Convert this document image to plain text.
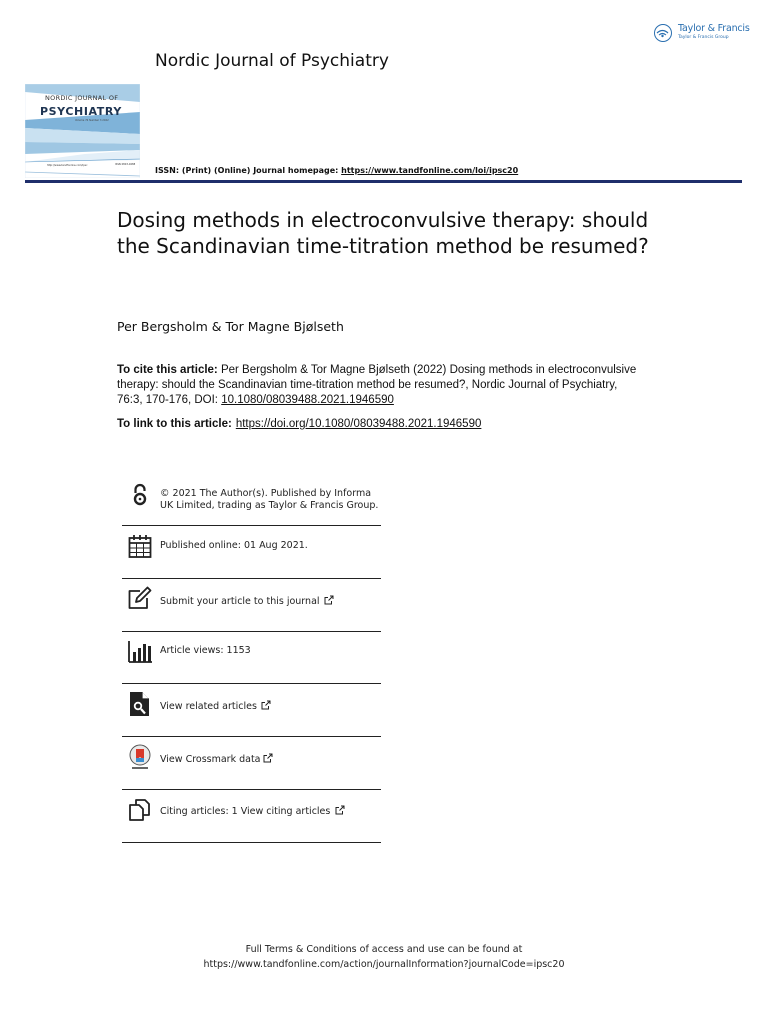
Taylor & Francis
Taylor & Francis Group
Nordic Journal of Psychiatry
NORDIC JOURNAL OF
PSYCHIATRY
Volume 76 Number 3 2022
http://www.tandfonline.com/ipsc	ISSN 0803-9488
ISSN: (Print) (Online) Journal homepage: https://www.tandfonline.com/loi/ipsc20
Dosing methods in electroconvulsive therapy: should the Scandinavian time-titration method be resumed?
Per Bergsholm & Tor Magne Bjølseth
To cite this article: Per Bergsholm & Tor Magne Bjølseth (2022) Dosing methods in electroconvulsive therapy: should the Scandinavian time-titration method be resumed?, Nordic Journal of Psychiatry, 76:3, 170-176, DOI: 10.1080/08039488.2021.1946590
To link to this article: https://doi.org/10.1080/08039488.2021.1946590
© 2021 The Author(s). Published by Informa UK Limited, trading as Taylor & Francis Group.
Published online: 01 Aug 2021.
Submit your article to this journal
Article views: 1153
View related articles
View Crossmark data
Citing articles: 1 View citing articles
Full Terms & Conditions of access and use can be found at
https://www.tandfonline.com/action/journalInformation?journalCode=ipsc20
